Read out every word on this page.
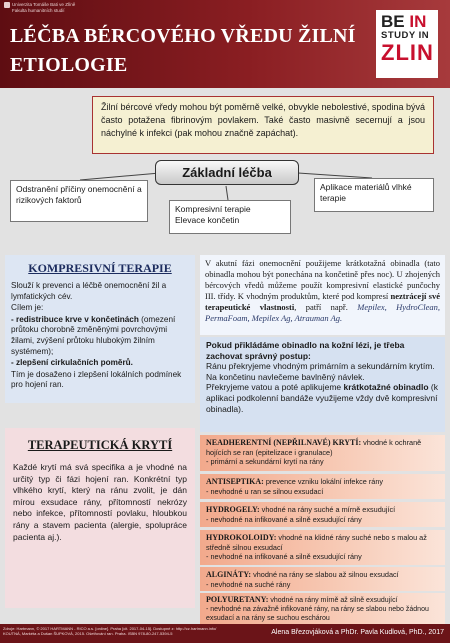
Univerzita Tomáše Bati ve Zlíně
Fakulta humanitních studií
LÉČBA BÉRCOVÉHO VŘEDU ŽILNÍ
ETIOLOGIE
BE IN
STUDY IN
ZLIN
Žilní bércové vředy mohou být poměrně velké, obvykle nebolestivé, spodina bývá často potažena fibrinovým povlakem. Také často masivně secernují a jsou náchylné k infekci (pak mohou značně zapáchat).
Základní léčba
Odstranění příčiny onemocnění a rizikových faktorů
Kompresivní terapie
Elevace končetin
Aplikace materiálů vlhké terapie
KOMPRESIVNÍ TERAPIE

Slouží k prevenci a léčbě onemocnění žil a lymfatických cév.

Cílem je:

- redistribuce krve v končetinách (omezení průtoku chorobně změněnými povrchovými žilami, zvýšení průtoku hlubokým žilním systémem);

- zlepšení cirkulačních poměrů.

Tím je dosaženo i zlepšení lokálních podmínek pro hojení ran.

V akutní fázi onemocnění použijeme krátkotažná obinadla (tato obinadla mohou být ponechána na končetině přes noc). U zhojených bércových vředů můžeme použít kompresivní elastické punčochy III. třídy. K vhodným produktům, které pod kompresí neztrácejí své terapeutické vlastnosti, patří např. Mepilex, HydroClean, PermaFoam, Mepilex Ag, Atrauman Ag.
Pokud přikládáme obinadlo na kožní lézi, je třeba zachovat správný postup:
Ránu překryjeme vhodným primárním a sekundárním krytím.
Na končetinu navlečeme bavlněný návlek.
Překryjeme vatou a poté aplikujeme krátkotažné obinadlo (k aplikaci podkolenní bandáže využijeme vždy dvě kompresivní obinadla).
TERAPEUTICKÁ KRYTÍ
Každé krytí má svá specifika a je vhodné na určitý typ či fázi hojení ran. Konkrétní typ vlhkého krytí, který na ránu zvolit, je dán mírou exsudace rány, přítomností nekrózy nebo infekce, přítomností povlaku, hloubkou rány a stavem pacienta (alergie, spolupráce pacienta aj.).
NEADHERENTNÍ (NEPŘILNAVÉ) KRYTÍ: vhodné k ochraně hojících se ran (epitelizace i granulace)
- primární a sekundární krytí na rány
ANTISEPTIKA: prevence vzniku lokální infekce rány
- nevhodné u ran se silnou exsudací
HYDROGELY: vhodné na rány suché a mírně exsudující
- nevhodné na infikované a silně exsudující rány
HYDROKOLOIDY: vhodné na klidné rány suché nebo s malou až středně silnou exsudací
- nevhodné na infikované a silně exsudující rány
ALGINÁTY: vhodné na rány se slabou až silnou exsudací
- nevhodné na suché rány
POLYURETANY: vhodné na rány mírně až silně exsudující
- nevhodné na závažně infikované rány, na rány se slabou nebo žádnou exsudací a na rány se suchou eschárou
Zdroje: Hartmann, © 2017 HARTMANN - RICO a.s. [online]. Praha [cit. 2017-04-15]. Dostupné z: http://cz.hartmann.info/
KOUTNÁ, Markéta a Dušan ŠUPKOVÁ, 2015. Ošetřování ran. Praha. ISBN 978-80-247-5394-5	Alena Březovjáková a PhDr. Pavla Kudlová, PhD., 2017
